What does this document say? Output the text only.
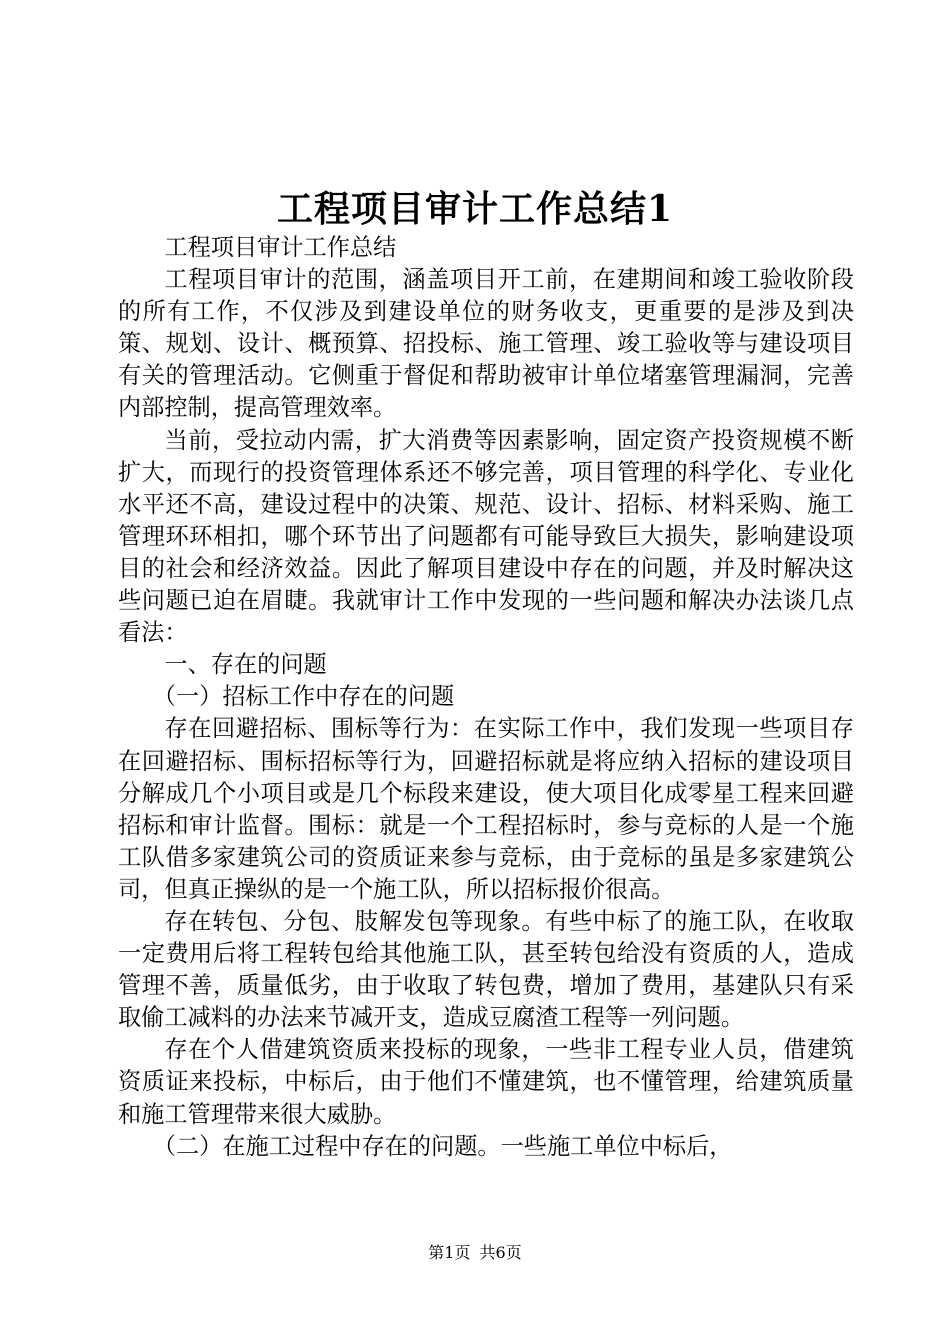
工程项目审计工作总结1

工程项目审计工作总结

工程项目审计的范围，涵盖项目开工前，在建期间和竣工验收阶段的所有工作，不仅涉及到建设单位的财务收支，更重要的是涉及到决策、规划、设计、概预算、招投标、施工管理、竣工验收等与建设项目有关的管理活动。它侧重于督促和帮助被审计单位堵塞管理漏洞，完善内部控制，提高管理效率。

当前，受拉动内需，扩大消费等因素影响，固定资产投资规模不断扩大，而现行的投资管理体系还不够完善，项目管理的科学化、专业化水平还不高，建设过程中的决策、规范、设计、招标、材料采购、施工管理环环相扣，哪个环节出了问题都有可能导致巨大损失，影响建设项目的社会和经济效益。因此了解项目建设中存在的问题，并及时解决这些问题已迫在眉睫。我就审计工作中发现的一些问题和解决办法谈几点看法：

一、存在的问题

（一）招标工作中存在的问题

存在回避招标、围标等行为：在实际工作中，我们发现一些项目存在回避招标、围标招标等行为，回避招标就是将应纳入招标的建设项目分解成几个小项目或是几个标段来建设，使大项目化成零星工程来回避招标和审计监督。围标：就是一个工程招标时，参与竞标的人是一个施工队借多家建筑公司的资质证来参与竞标，由于竞标的虽是多家建筑公司，但真正操纵的是一个施工队，所以招标报价很高。

存在转包、分包、肢解发包等现象。有些中标了的施工队，在收取一定费用后将工程转包给其他施工队，甚至转包给没有资质的人，造成管理不善，质量低劣，由于收取了转包费，增加了费用，基建队只有采取偷工减料的办法来节减开支，造成豆腐渣工程等一列问题。

存在个人借建筑资质来投标的现象，一些非工程专业人员，借建筑资质证来投标，中标后，由于他们不懂建筑，也不懂管理，给建筑质量和施工管理带来很大威胁。

（二）在施工过程中存在的问题。一些施工单位中标后，

第1页 共6页
